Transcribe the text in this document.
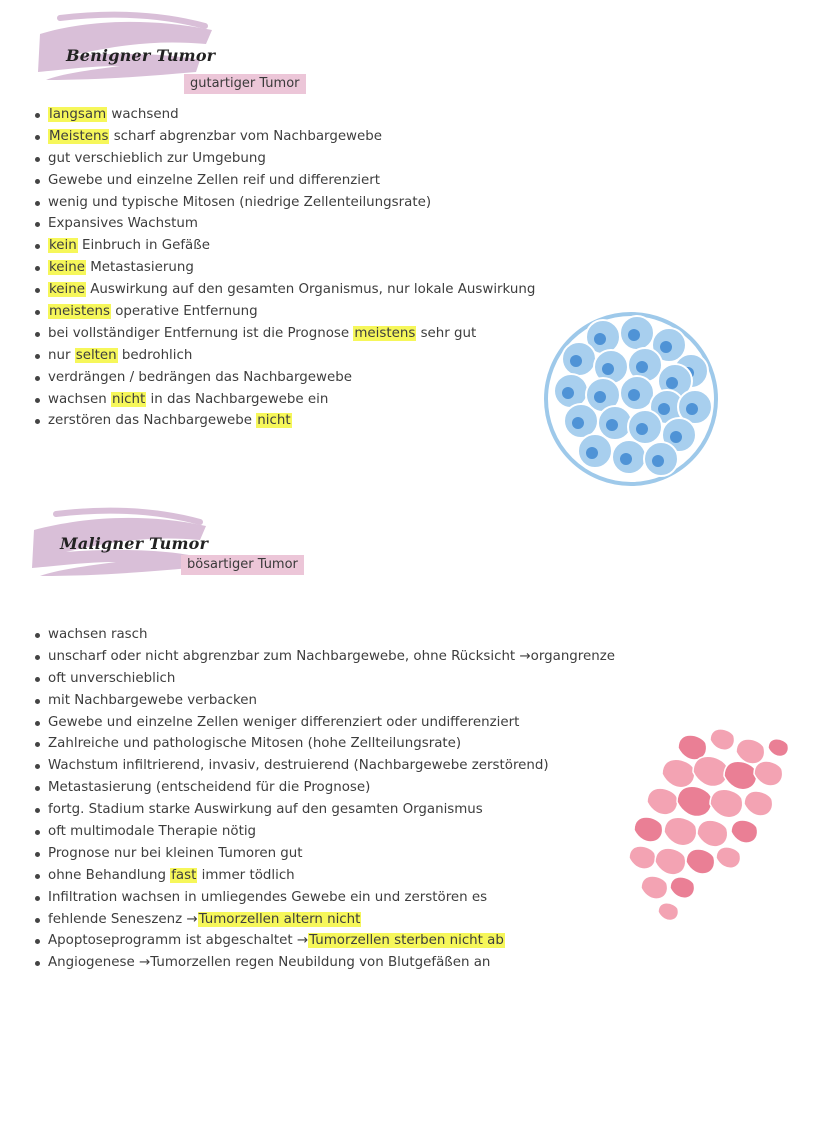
Benigner Tumor
gutartiger Tumor
langsam wachsend
Meistens scharf abgrenzbar vom Nachbargewebe
gut verschieblich zur Umgebung
Gewebe und einzelne Zellen reif und differenziert
wenig und typische Mitosen (niedrige Zellenteilungsrate)
Expansives Wachstum
kein Einbruch in Gefäße
keine Metastasierung
keine Auswirkung auf den gesamten Organismus, nur lokale Auswirkung
meistens operative Entfernung
bei vollständiger Entfernung ist die Prognose meistens sehr gut
nur selten bedrohlich
verdrängen / bedrängen das Nachbargewebe
wachsen nicht in das Nachbargewebe ein
zerstören das Nachbargewebe nicht
Maligner Tumor
bösartiger Tumor
wachsen rasch
unscharf oder nicht abgrenzbar zum Nachbargewebe, ohne Rücksicht →organgrenze
oft unverschieblich
mit Nachbargewebe verbacken
Gewebe und einzelne Zellen weniger differenziert oder undifferenziert
Zahlreiche und pathologische Mitosen (hohe Zellteilungsrate)
Wachstum infiltrierend, invasiv, destruierend (Nachbargewebe zerstörend)
Metastasierung (entscheidend für die Prognose)
fortg. Stadium starke Auswirkung auf den gesamten Organismus
oft multimodale Therapie nötig
Prognose nur bei kleinen Tumoren gut
ohne Behandlung fast immer tödlich
Infiltration wachsen in umliegendes Gewebe ein und zerstören es
fehlende Seneszenz →Tumorzellen altern nicht
Apoptoseprogramm ist abgeschaltet →Tumorzellen sterben nicht ab
Angiogenese →Tumorzellen regen Neubildung von Blutgefäßen an
